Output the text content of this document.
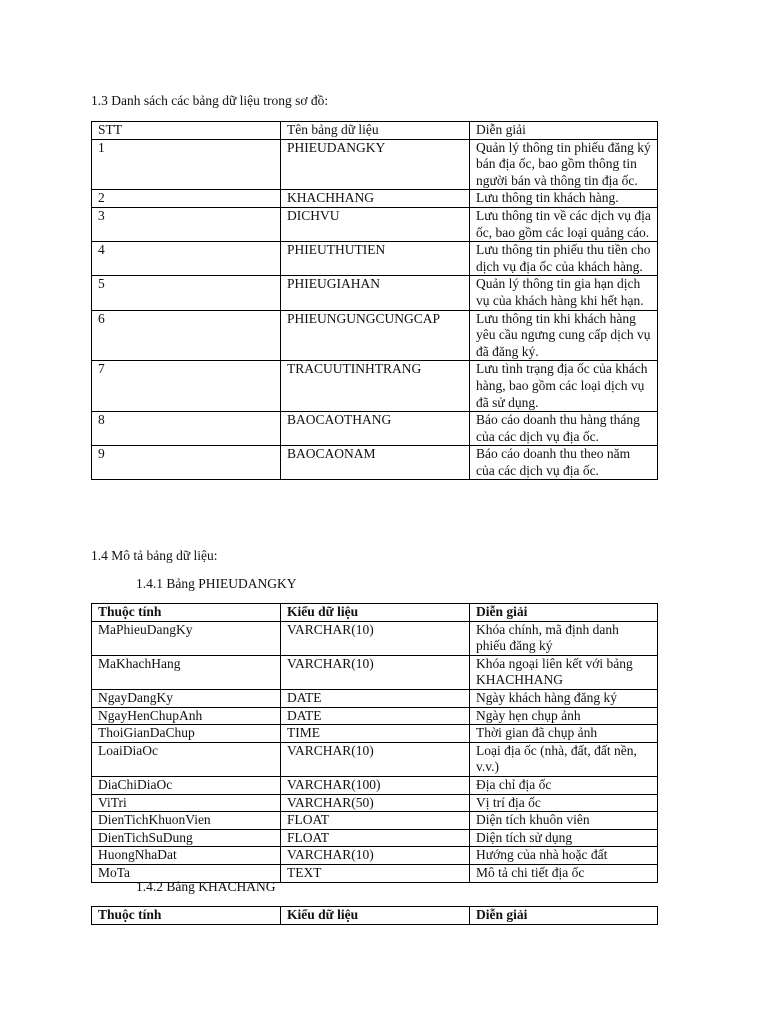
1.3 Danh sách các bảng dữ liệu trong sơ đồ:
STT	Tên bảng dữ liệu	Diễn giải
1	PHIEUDANGKY	Quản lý thông tin phiếu đăng ký bán địa ốc, bao gồm thông tin người bán và thông tin địa ốc.
2	KHACHHANG	Lưu thông tin khách hàng.
3	DICHVU	Lưu thông tin về các dịch vụ địa ốc, bao gồm các loại quảng cáo.
4	PHIEUTHUTIEN	Lưu thông tin phiếu thu tiền cho dịch vụ địa ốc của khách hàng.
5	PHIEUGIAHAN	Quản lý thông tin gia hạn dịch vụ của khách hàng khi hết hạn.
6	PHIEUNGUNGCUNGCAP	Lưu thông tin khi khách hàng yêu cầu ngưng cung cấp dịch vụ đã đăng ký.
7	TRACUUTINHTRANG	Lưu tình trạng địa ốc của khách hàng, bao gồm các loại dịch vụ đã sử dụng.
8	BAOCAOTHANG	Báo cáo doanh thu hàng tháng của các dịch vụ địa ốc.
9	BAOCAONAM	Báo cáo doanh thu theo năm của các dịch vụ địa ốc.
1.4 Mô tả bảng dữ liệu:
1.4.1 Bảng PHIEUDANGKY
Thuộc tính	Kiểu dữ liệu	Diễn giải
MaPhieuDangKy	VARCHAR(10)	Khóa chính, mã định danh phiếu đăng ký
MaKhachHang	VARCHAR(10)	Khóa ngoại liên kết với bảng KHACHHANG
NgayDangKy	DATE	Ngày khách hàng đăng ký
NgayHenChupAnh	DATE	Ngày hẹn chụp ảnh
ThoiGianDaChup	TIME	Thời gian đã chụp ảnh
LoaiDiaOc	VARCHAR(10)	Loại địa ốc (nhà, đất, đất nền, v.v.)
DiaChiDiaOc	VARCHAR(100)	Địa chỉ địa ốc
ViTri	VARCHAR(50)	Vị trí địa ốc
DienTichKhuonVien	FLOAT	Diện tích khuôn viên
DienTichSuDung	FLOAT	Diện tích sử dụng
HuongNhaDat	VARCHAR(10)	Hướng của nhà hoặc đất
MoTa	TEXT	Mô tả chi tiết địa ốc
1.4.2 Bảng KHACHANG
Thuộc tính	Kiểu dữ liệu	Diễn giải
